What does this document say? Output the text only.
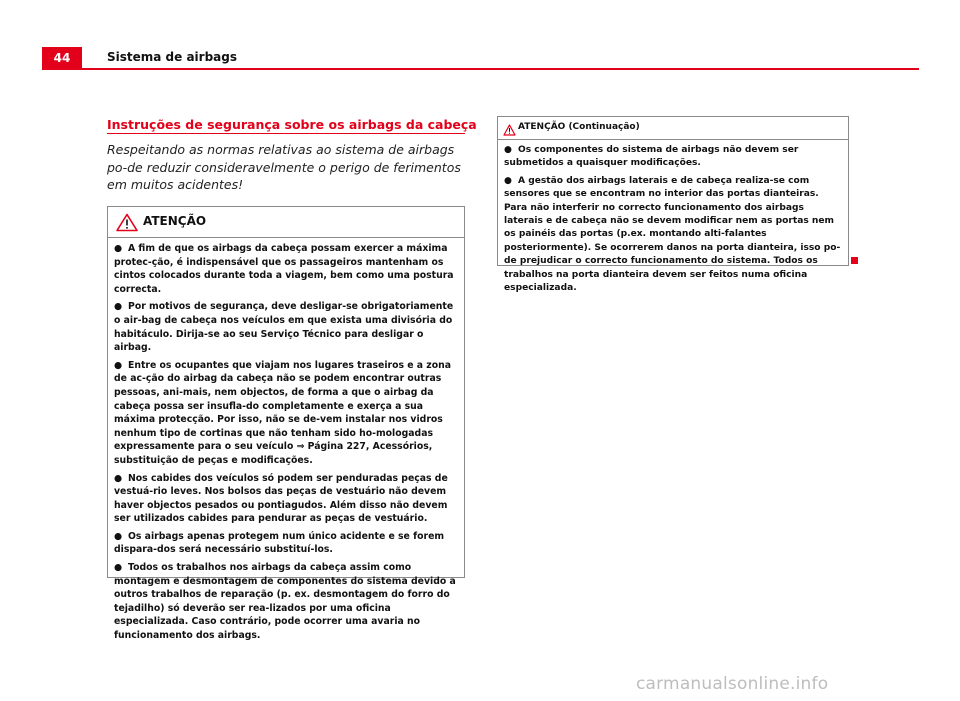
44	Sistema de airbags
Instruções de segurança sobre os airbags da cabeça
Respeitando as normas relativas ao sistema de airbags po-de reduzir consideravelmente o perigo de ferimentos em muitos acidentes!
ATENÇÃO

● A fim de que os airbags da cabeça possam exercer a máxima protec-ção, é indispensável que os passageiros mantenham os cintos colocados durante toda a viagem, bem como uma postura correcta.

● Por motivos de segurança, deve desligar-se obrigatoriamente o air-bag de cabeça nos veículos em que exista uma divisória do habitáculo. Dirija-se ao seu Serviço Técnico para desligar o airbag.

● Entre os ocupantes que viajam nos lugares traseiros e a zona de ac-ção do airbag da cabeça não se podem encontrar outras pessoas, ani-mais, nem objectos, de forma a que o airbag da cabeça possa ser insufla-do completamente e exerça a sua máxima protecção. Por isso, não se de-vem instalar nos vidros nenhum tipo de cortinas que não tenham sido ho-mologadas expressamente para o seu veículo ⇒ Página 227, Acessórios, substituição de peças e modificações.

● Nos cabides dos veículos só podem ser penduradas peças de vestuá-rio leves. Nos bolsos das peças de vestuário não devem haver objectos pesados ou pontiagudos. Além disso não devem ser utilizados cabides para pendurar as peças de vestuário.

● Os airbags apenas protegem num único acidente e se forem dispara-dos será necessário substituí-los.

● Todos os trabalhos nos airbags da cabeça assim como montagem e desmontagem de componentes do sistema devido a outros trabalhos de reparação (p. ex. desmontagem do forro do tejadilho) só deverão ser rea-lizados por uma oficina especializada. Caso contrário, pode ocorrer uma avaria no funcionamento dos airbags.

ATENÇÃO (Continuação)

● Os componentes do sistema de airbags não devem ser submetidos a quaisquer modificações.

● A gestão dos airbags laterais e de cabeça realiza-se com sensores que se encontram no interior das portas dianteiras. Para não interferir no correcto funcionamento dos airbags laterais e de cabeça não se devem modificar nem as portas nem os painéis das portas (p.ex. montando alti-falantes posteriormente). Se ocorrerem danos na porta dianteira, isso po-de prejudicar o correcto funcionamento do sistema. Todos os trabalhos na porta dianteira devem ser feitos numa oficina especializada.

carmanualsonline.info
